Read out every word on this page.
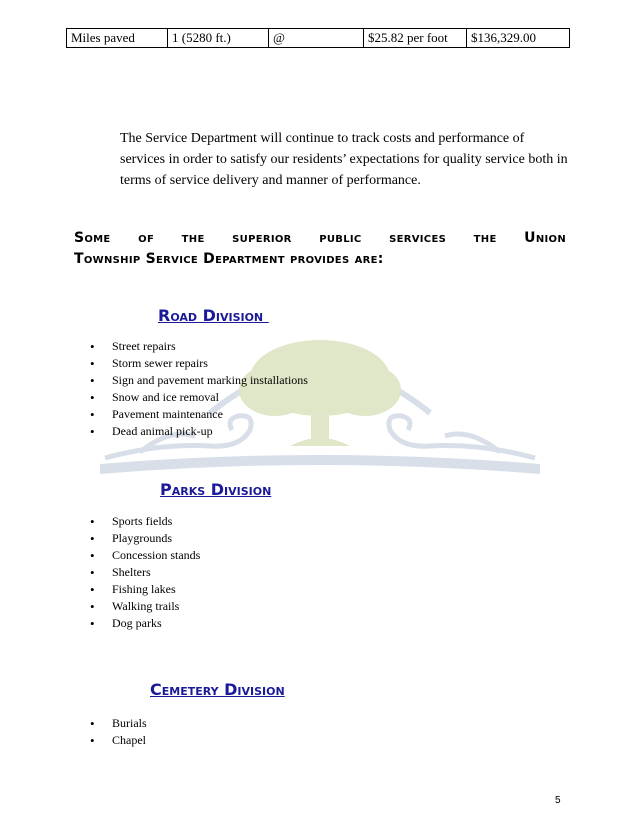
Miles paved	1 (5280 ft.)	@	$25.82 per foot	$136,329.00

The Service Department will continue to track costs and performance of services in order to satisfy our residents’ expectations for quality service both in terms of service delivery and manner of performance.

Some of the superior public services the Union
Township Service Department provides are:
Road Division
• Street repairs
• Storm sewer repairs
• Sign and pavement marking installations
• Snow and ice removal
• Pavement maintenance
• Dead animal pick-up
Parks Division
• Sports fields
• Playgrounds
• Concession stands
• Shelters
• Fishing lakes
• Walking trails
• Dog parks
Cemetery Division
• Burials
• Chapel
5
